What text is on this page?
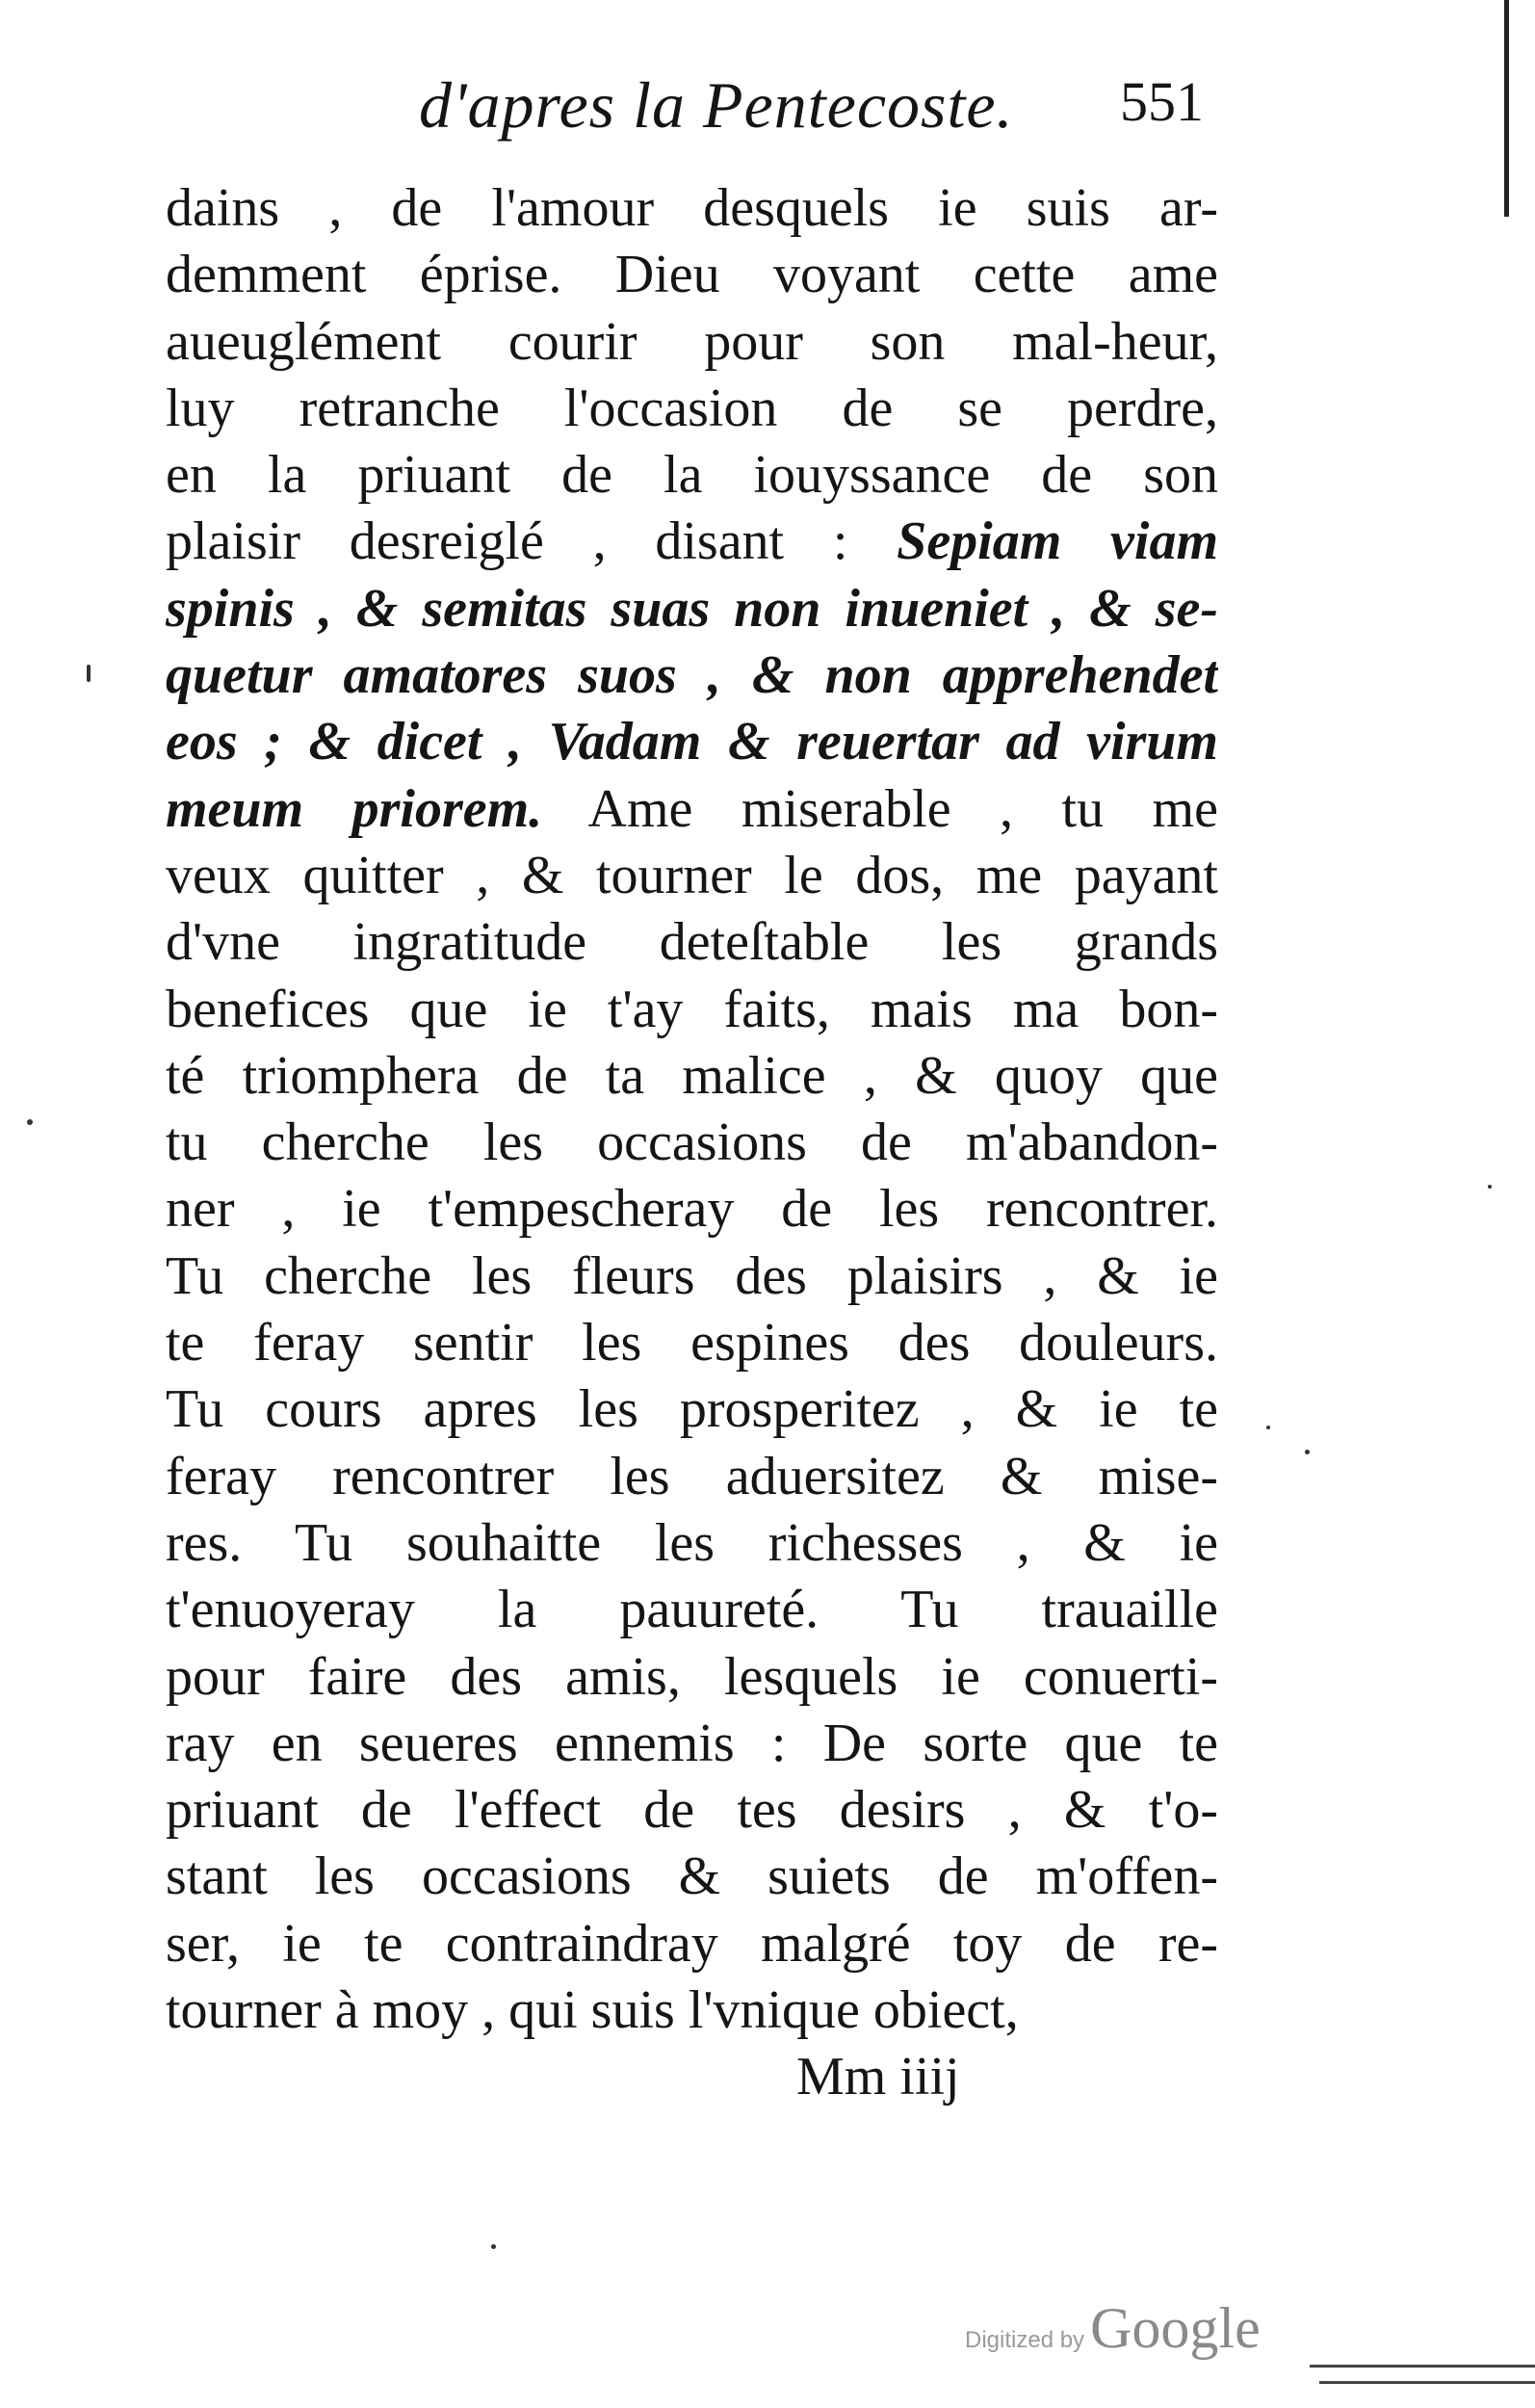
d'apres la Pentecoste. 551
dains , de l'amour desquels ie suis ar-
demment éprise. Dieu voyant cette ame
aueuglément courir pour son mal-heur,
luy retranche l'occasion de se perdre,
en la priuant de la iouyssance de son
plaisir desreiglé , disant : Sepiam viam
spinis , & semitas suas non inueniet , & se-
quetur amatores suos , & non apprehendet
eos ; & dicet , Vadam & reuertar ad virum
meum priorem. Ame miserable , tu me
veux quitter , & tourner le dos, me payant
d'vne ingratitude deteſtable les grands
benefices que ie t'ay faits, mais ma bon-
té triomphera de ta malice , & quoy que
tu cherche les occasions de m'abandon-
ner , ie t'empescheray de les rencontrer.
Tu cherche les fleurs des plaisirs , & ie
te feray sentir les espines des douleurs.
Tu cours apres les prosperitez , & ie te
feray rencontrer les aduersitez & mise-
res. Tu souhaitte les richesses , & ie
t'enuoyeray la pauureté. Tu trauaille
pour faire des amis, lesquels ie conuerti-
ray en seueres ennemis : De sorte que te
priuant de l'effect de tes desirs , & t'o-
stant les occasions & suiets de m'offen-
ser, ie te contraindray malgré toy de re-
tourner à moy , qui suis l'vnique obiect,
Mm iiij
Digitized by Google
